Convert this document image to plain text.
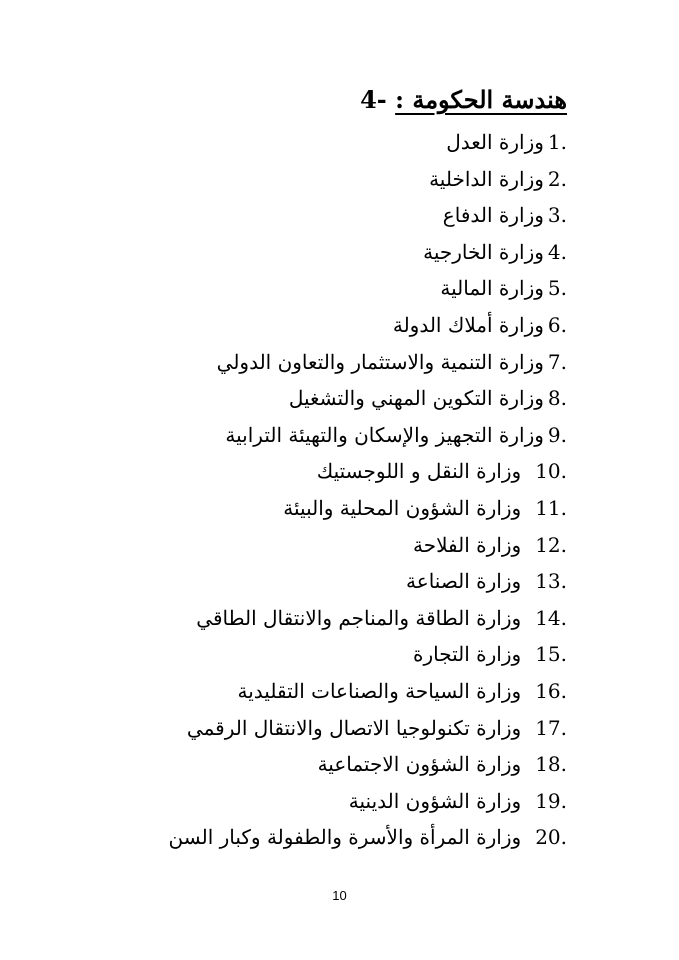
هندسة الحكومة : -4
1.
وزارة العدل
2.
وزارة الداخلية
3.
وزارة الدفاع
4.
وزارة الخارجية
5.
وزارة المالية
6.
وزارة أملاك الدولة
7.
وزارة التنمية والاستثمار والتعاون الدولي
8.
وزارة التكوين المهني والتشغيل
9.
وزارة التجهيز والإسكان والتهيئة الترابية
10.
وزارة النقل و اللوجستيك
11.
وزارة الشؤون المحلية والبيئة
12.
وزارة الفلاحة
13.
وزارة الصناعة
14.
وزارة الطاقة والمناجم والانتقال الطاقي
15.
وزارة التجارة
16.
وزارة السياحة والصناعات التقليدية
17.
وزارة تكنولوجيا الاتصال والانتقال الرقمي
18.
وزارة الشؤون الاجتماعية
19.
وزارة الشؤون الدينية
20.
وزارة المرأة والأسرة والطفولة وكبار السن
10
